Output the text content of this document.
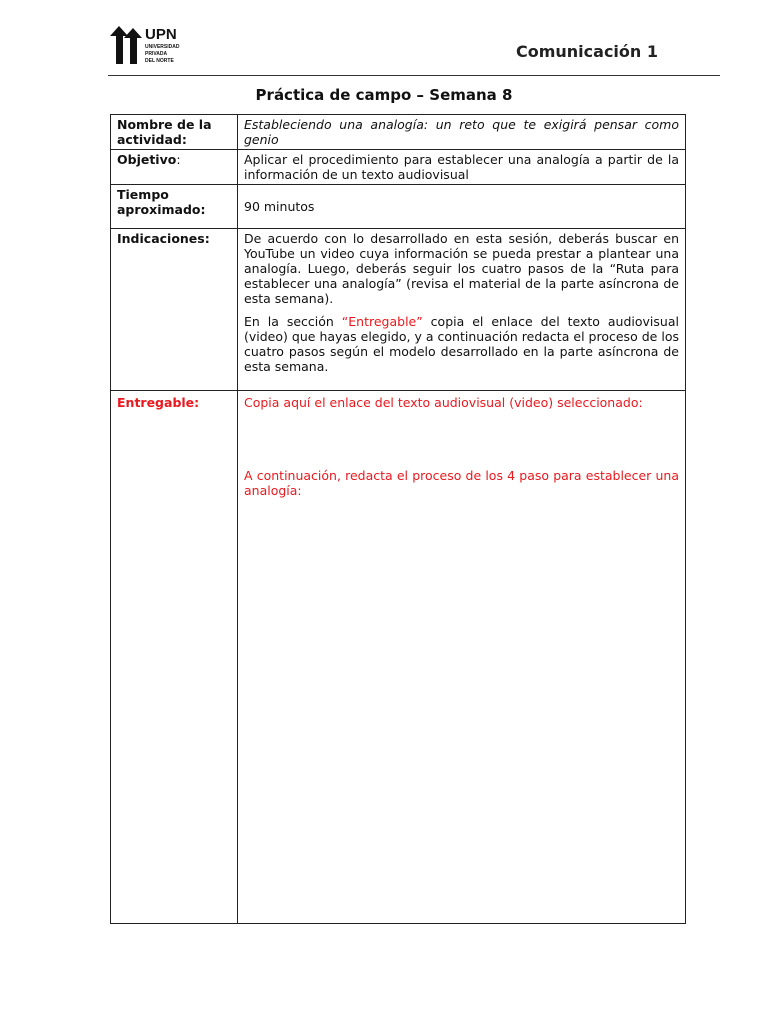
UPN
UNIVERSIDAD
PRIVADA
DEL NORTE	Comunicación 1
Práctica de campo – Semana 8
Nombre de la actividad:	Estableciendo una analogía: un reto que te exigirá pensar como genio
Objetivo:	Aplicar el procedimiento para establecer una analogía a partir de la información de un texto audiovisual
Tiempo aproximado:	90 minutos
Indicaciones:	De acuerdo con lo desarrollado en esta sesión, deberás buscar en YouTube un video cuya información se pueda prestar a plantear una analogía. Luego, deberás seguir los cuatro pasos de la “Ruta para establecer una analogía” (revisa el material de la parte asíncrona de esta semana).

En la sección “Entregable” copia el enlace del texto audiovisual (video) que hayas elegido, y a continuación redacta el proceso de los cuatro pasos según el modelo desarrollado en la parte asíncrona de esta semana.

Entregable:	Copia aquí el enlace del texto audiovisual (video) seleccionado:
A continuación, redacta el proceso de los 4 paso para establecer una analogía:
